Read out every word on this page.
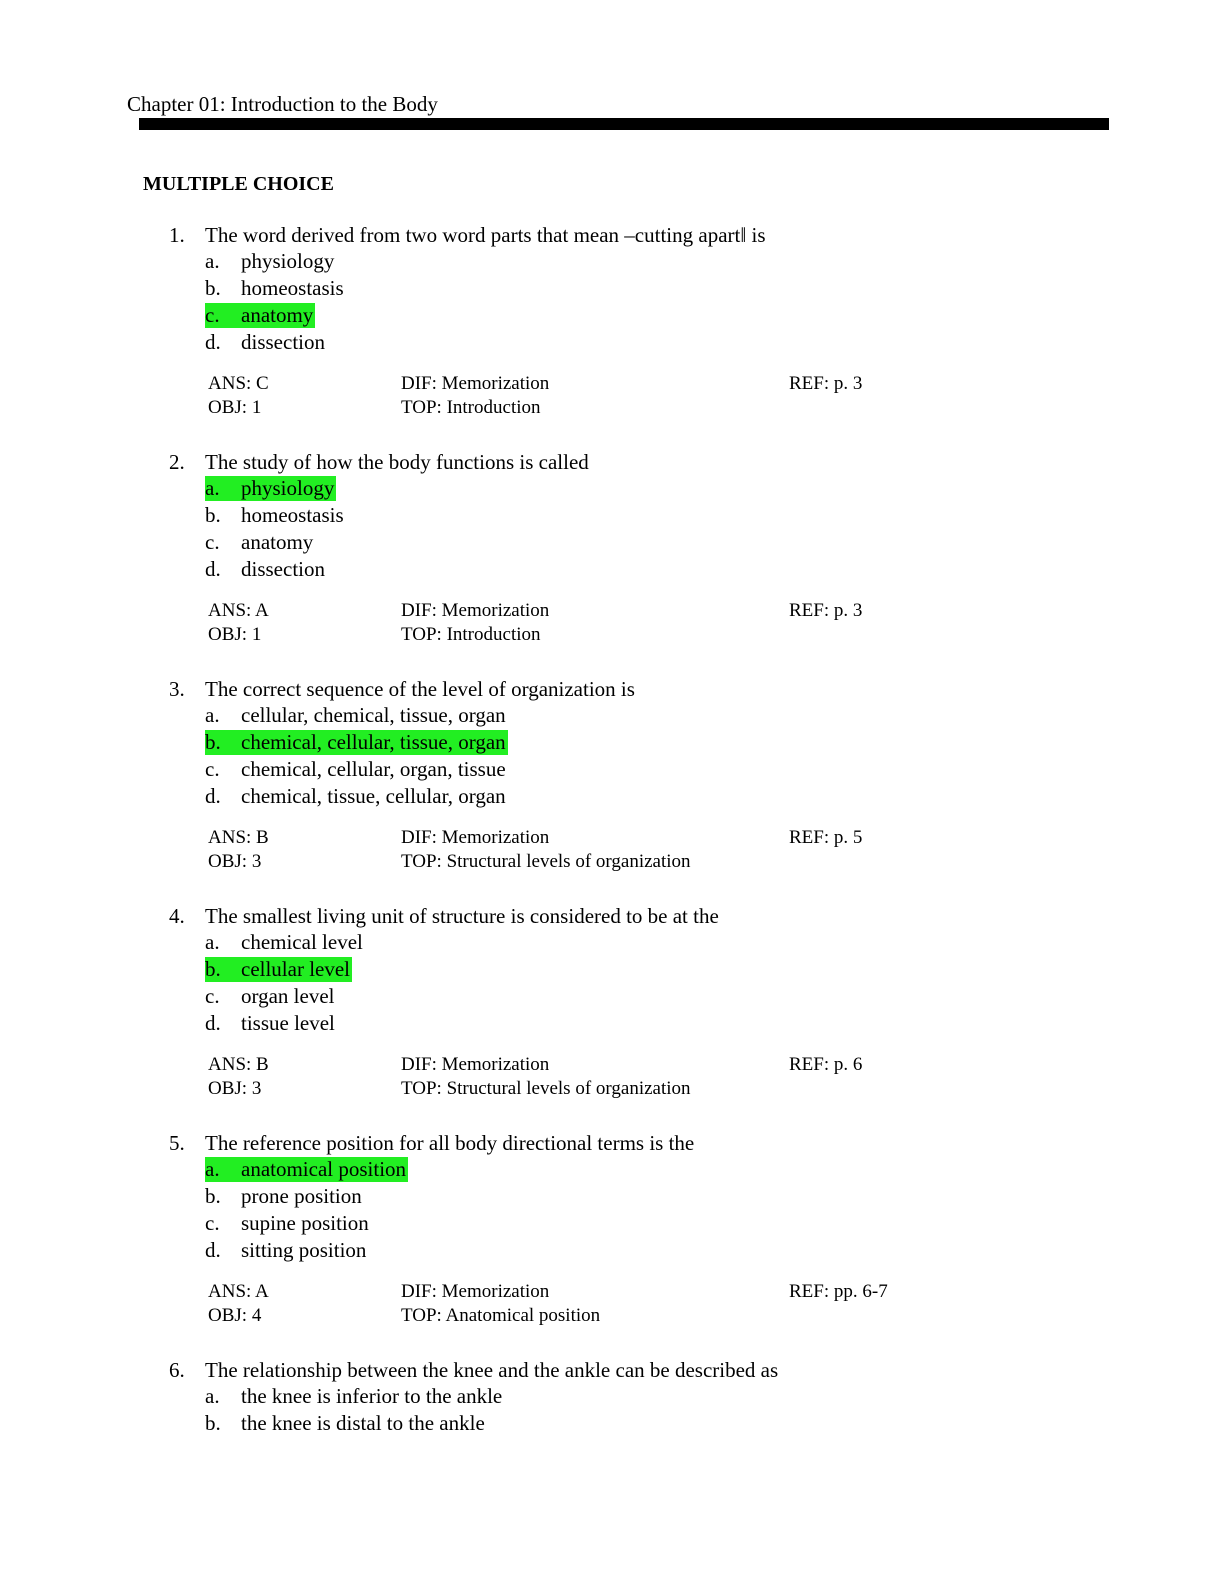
Chapter 01: Introduction to the Body
MULTIPLE CHOICE
1. The word derived from two word parts that mean –cutting apart‖ is
a. physiology
b. homeostasis
c. anatomy
d. dissection
ANS: C
OBJ: 1
DIF: Memorization
TOP: Introduction
REF: p. 3
2. The study of how the body functions is called
a. physiology
b. homeostasis
c. anatomy
d. dissection
ANS: A
OBJ: 1
DIF: Memorization
TOP: Introduction
REF: p. 3
3. The correct sequence of the level of organization is
a. cellular, chemical, tissue, organ
b. chemical, cellular, tissue, organ
c. chemical, cellular, organ, tissue
d. chemical, tissue, cellular, organ
ANS: B
OBJ: 3
DIF: Memorization
TOP: Structural levels of organization
REF: p. 5
4. The smallest living unit of structure is considered to be at the
a. chemical level
b. cellular level
c. organ level
d. tissue level
ANS: B
OBJ: 3
DIF: Memorization
TOP: Structural levels of organization
REF: p. 6
5. The reference position for all body directional terms is the
a. anatomical position
b. prone position
c. supine position
d. sitting position
ANS: A
OBJ: 4
DIF: Memorization
TOP: Anatomical position
REF: pp. 6-7
6. The relationship between the knee and the ankle can be described as
a. the knee is inferior to the ankle
b. the knee is distal to the ankle
